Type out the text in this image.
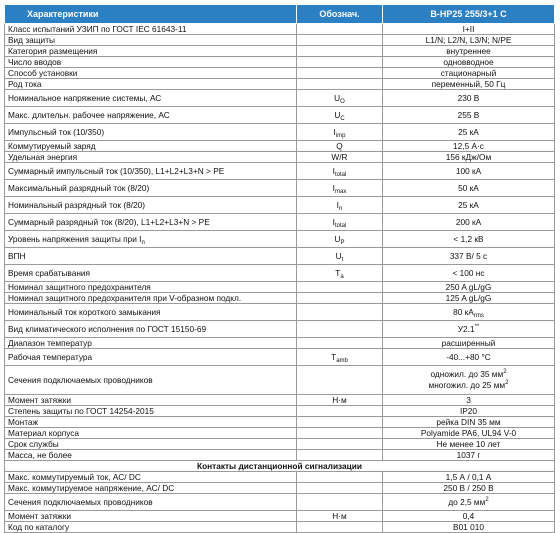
Характеристики	Обознач.	B-HP25 255/3+1 C
Класс испытаний УЗИП по ГОСТ IEC 61643-11		I+II
Вид защиты		L1/N; L2/N, L3/N; N/PE
Категория размещения		внутреннее
Число вводов		одновводное
Способ установки		стационарный
Род тока		переменный, 50 Гц
Номинальное напряжение системы, АС	$U_O$	230 В
Макс. длительн. рабочее напряжение, АС	$U_C$	255 В
Импульсный ток (10/350)	$I_{imp}$	25 кА
Коммутируемый заряд	Q	12,5 А·с
Удельная энергия	W/R	156 кДж/Ом
Суммарный импульсный ток (10/350), L1+L2+L3+N > PE	$I_{total}$	100 кА
Максимальный разрядный ток (8/20)	$I_{max}$	50 кА
Номинальный разрядный ток (8/20)	$I_n$	25 кА
Суммарный разрядный ток (8/20), L1+L2+L3+N > PE	$I_{total}$	200 кА
Уровень напряжения защиты при $I_n$	$U_P$	< 1,2 кВ
ВПН	$U_t$	337 В/ 5 с
Время срабатывания	$T_a$	< 100 нс
Номинал защитного предохранителя		250 A gL/gG
Номинал защитного предохранителя при V-образном подкл.		125 A gL/gG
Номинальный ток короткого замыкания		80 $кА_{rms}$
Вид климатического исполнения по ГОСТ 15150-69		У2.1**
Диапазон температур		расширенный
Рабочая температура	$T_{amb}$	-40...+80 °С
Сечения подключаемых проводников		одножил. до 35 $мм^2$
многожил. до 25 $мм^2$

Момент затяжки	Н·м	3
Степень защиты по ГОСТ 14254-2015		IP20
Монтаж		рейка DIN 35 мм
Материал корпуса		Polyamide PA6, UL94 V-0
Срок службы		Не менее 10 лет
Масса, не более		1037 г
Контакты дистанционной сигнализации		
Макс. коммутируемый ток, АС/ DC		1,5 А / 0,1 А
Макс. коммутируемое напряжение, АС/ DC		250 В / 250 В
Сечения подключаемых проводников		до 2,5 $мм^2$
Момент затяжки	Н·м	0,4
Код по каталогу		B01 010
